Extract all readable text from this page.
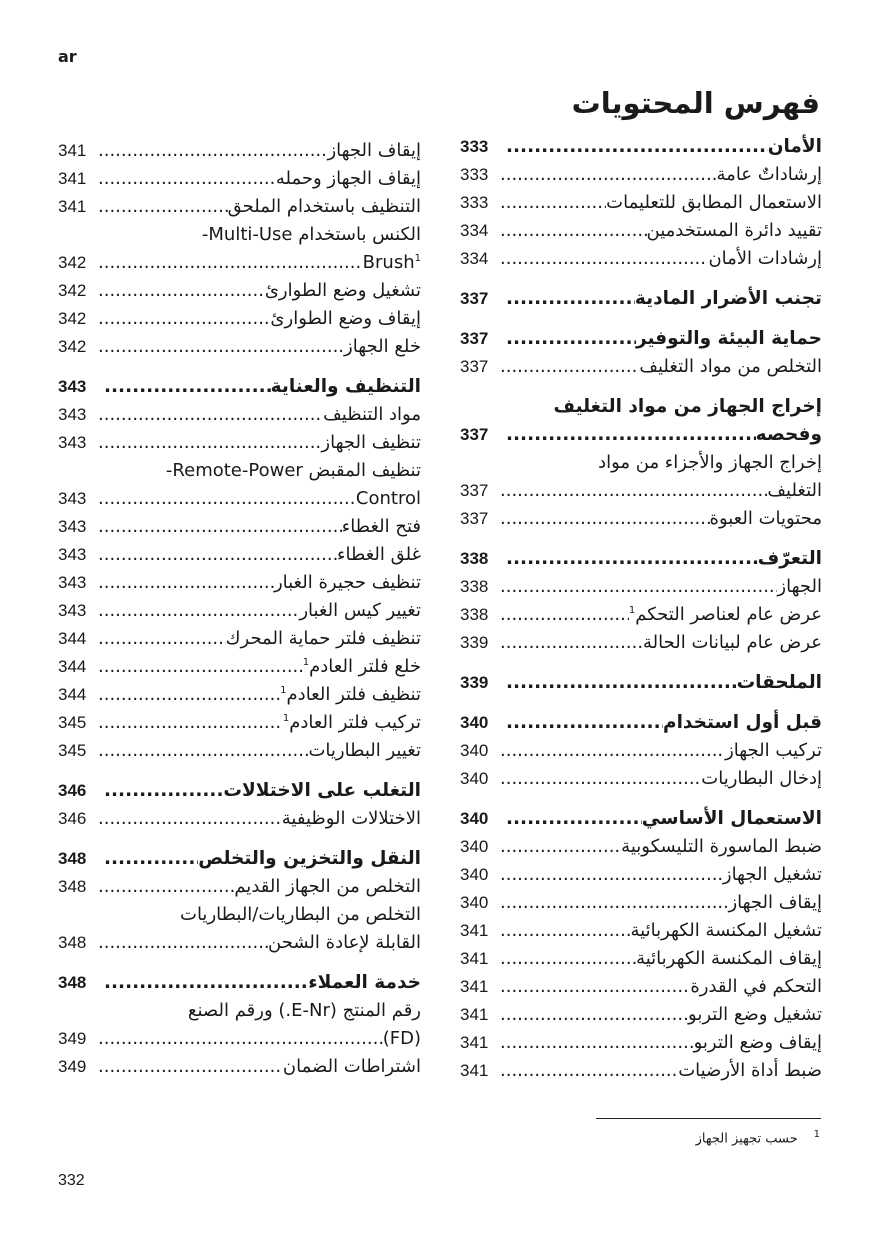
ar
فهرس المحتويات
الأمان
.....
333
إرشاداتٌ عامة
.....
333
الاستعمال المطابق للتعليمات
.....
333
تقييد دائرة المستخدمين
.....
334
إرشادات الأمان
.....
334
تجنب الأضرار المادية
.....
337
حماية البيئة والتوفير
.....
337
التخلص من مواد التغليف
.....
337
إخراج الجهاز من مواد التغليف
وفحصه
.....
337
إخراج الجهاز والأجزاء من مواد
التغليف
.....
337
محتويات العبوة
.....
337
التعرّف
.....
338
الجهاز
.....
338
عرض عام لعناصر التحكم$^1$
.....
338
عرض عام لبيانات الحالة
.....
339
الملحقات
.....
339
قبل أول استخدام
.....
340
تركيب الجهاز
.....
340
إدخال البطاريات
.....
340
الاستعمال الأساسي
.....
340
ضبط الماسورة التليسكوبية
.....
340
تشغيل الجهاز
.....
340
إيقاف الجهاز
.....
340
تشغيل المكنسة الكهربائية
.....
341
إيقاف المكنسة الكهربائية
.....
341
التحكم في القدرة
.....
341
تشغيل وضع التربو
.....
341
إيقاف وضع التربو
.....
341
ضبط أداة الأرضيات
.....
341
إيقاف الجهاز
.....
341
إيقاف الجهاز وحمله
.....
341
التنظيف باستخدام الملحق
.....
341
الكنس باستخدام Multi-Use-
Brush$^1$
.....
342
تشغيل وضع الطوارئ
.....
342
إيقاف وضع الطوارئ
.....
342
خلع الجهاز
.....
342
التنظيف والعناية
.....
343
مواد التنظيف
.....
343
تنظيف الجهاز
.....
343
تنظيف المقبض Remote-Power-
Control
.....
343
فتح الغطاء
.....
343
غلق الغطاء
.....
343
تنظيف حجيرة الغبار
.....
343
تغيير كيس الغبار
.....
343
تنظيف فلتر حماية المحرك
.....
344
خلع فلتر العادم$^1$
.....
344
تنظيف فلتر العادم$^1$
.....
344
تركيب فلتر العادم$^1$
.....
345
تغيير البطاريات
.....
345
التغلب على الاختلالات
.....
346
الاختلالات الوظيفية
.....
346
النقل والتخزين والتخلص
.....
348
التخلص من الجهاز القديم
.....
348
التخلص من البطاريات/البطاريات
القابلة لإعادة الشحن
.....
348
خدمة العملاء
.....
348
رقم المنتج (E-Nr.) ورقم الصنع
(FD)
.....
349
اشتراطات الضمان
.....
349
$^1$حسب تجهيز الجهاز
332
